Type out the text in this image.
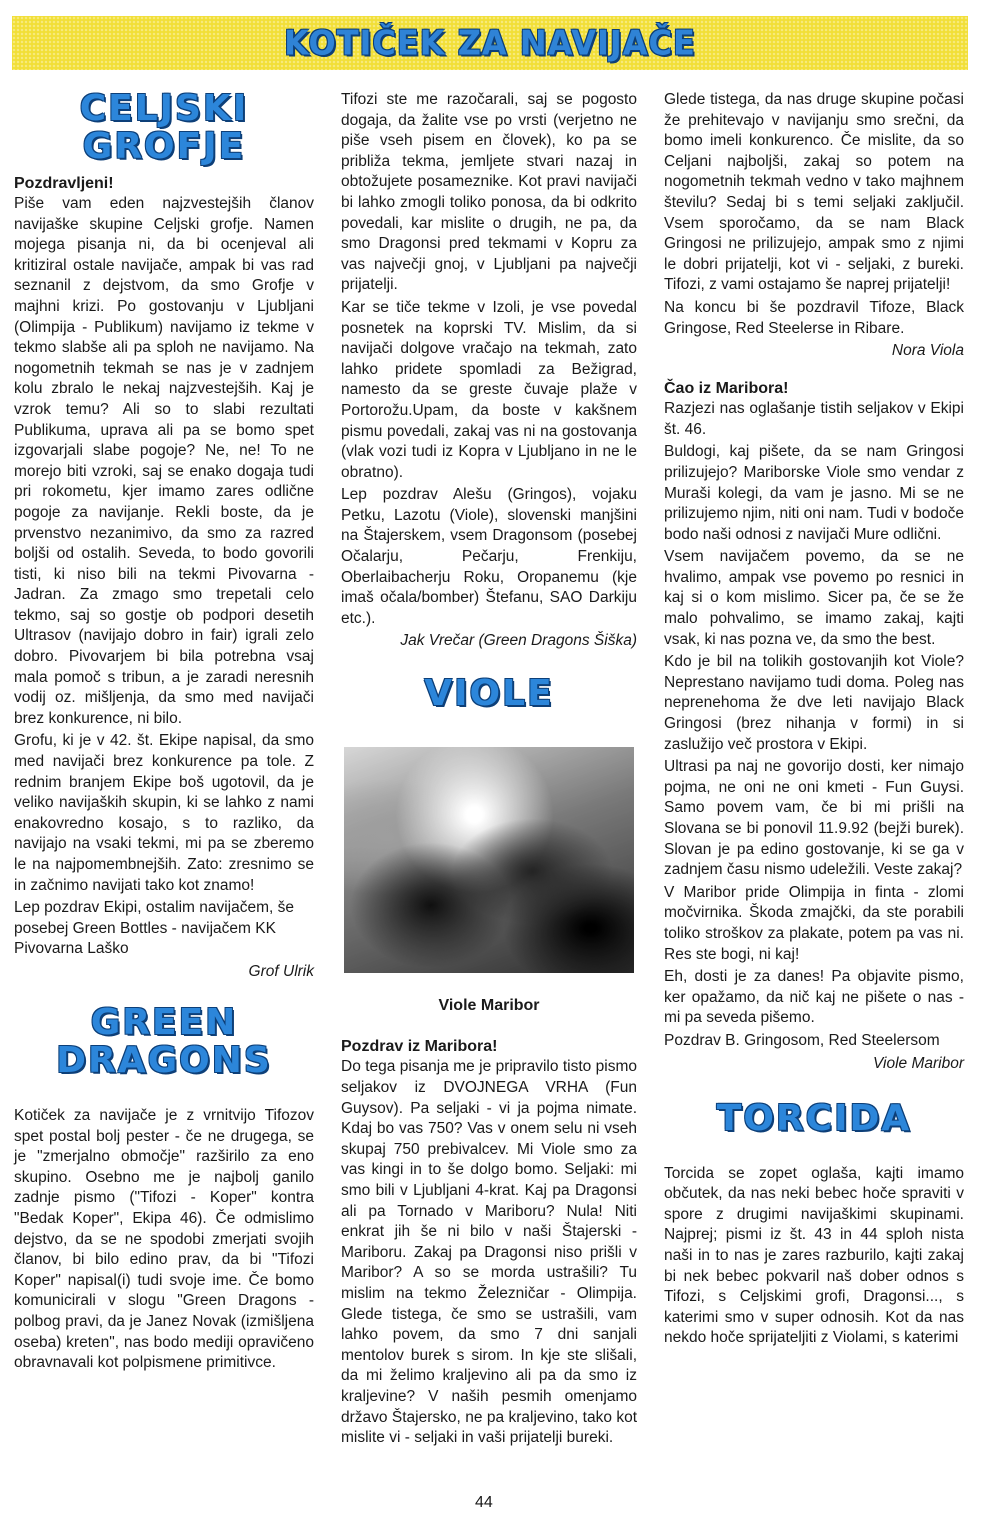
KOTIČEK ZA NAVIJAČE
CELJSKI
GROFJE

Pozdravljeni!

Piše vam eden najzvestejših članov navijaške skupine Celjski grofje. Namen mojega pisanja ni, da bi ocenjeval ali kritiziral ostale navijače, ampak bi vas rad seznanil z dejstvom, da smo Grofje v majhni krizi. Po gostovanju v Ljubljani (Olimpija - Publikum) navijamo iz tekme v tekmo slabše ali pa sploh ne navijamo. Na nogometnih tekmah se nas je v zadnjem kolu zbralo le nekaj najzvestejših. Kaj je vzrok temu? Ali so to slabi rezultati Publikuma, uprava ali pa se bomo spet izgovarjali slabe pogoje? Ne, ne! To ne morejo biti vzroki, saj se enako dogaja tudi pri rokometu, kjer imamo zares odlične pogoje za navijanje. Rekli boste, da je prvenstvo nezanimivo, da smo za razred boljši od ostalih. Seveda, to bodo govorili tisti, ki niso bili na tekmi Pivovarna - Jadran. Za zmago smo trepetali celo tekmo, saj so gostje ob podpori desetih Ultrasov (navijajo dobro in fair) igrali zelo dobro. Pivovarjem bi bila potrebna vsaj mala pomoč s tribun, a je zaradi neresnih vodij oz. mišljenja, da smo med navijači brez konkurence, ni bilo.

Grofu, ki je v 42. št. Ekipe napisal, da smo med navijači brez konkurence pa tole. Z rednim branjem Ekipe boš ugotovil, da je veliko navijaških skupin, ki se lahko z nami enakovredno kosajo, s to razliko, da navijajo na vsaki tekmi, mi pa se zberemo le na najpomembnejših. Zato: zresnimo se in začnimo navijati tako kot znamo!

Lep pozdrav Ekipi, ostalim navijačem, še posebej Green Bottles - navijačem KK Pivovarna Laško

Grof Ulrik

GREEN
DRAGONS

Kotiček za navijače je z vrnitvijo Tifozov spet postal bolj pester - če ne drugega, se je "zmerjalno območje" razširilo za eno skupino. Osebno me je najbolj ganilo zadnje pismo ("Tifozi - Koper" kontra "Bedak Koper", Ekipa 46). Če odmislimo dejstvo, da se ne spodobi zmerjati svojih članov, bi bilo edino prav, da bi "Tifozi Koper" napisal(i) tudi svoje ime. Če bomo komunicirali v slogu "Green Dragons - polbog pravi, da je Janez Novak (izmišljena oseba) kreten", nas bodo mediji opravičeno obravnavali kot polpismene primitivce.

Tifozi ste me razočarali, saj se pogosto dogaja, da žalite vse po vrsti (verjetno ne piše vseh pisem en človek), ko pa se približa tekma, jemljete stvari nazaj in obtožujete posameznike. Kot pravi navijači bi lahko zmogli toliko ponosa, da bi odkrito povedali, kar mislite o drugih, ne pa, da smo Dragonsi pred tekmami v Kopru za vas največji gnoj, v Ljubljani pa največji prijatelji.

Kar se tiče tekme v Izoli, je vse povedal posnetek na koprski TV. Mislim, da si navijači dolgove vračajo na tekmah, zato lahko pridete spomladi za Bežigrad, namesto da se greste čuvaje plaže v Portorožu.Upam, da boste v kakšnem pismu povedali, zakaj vas ni na gostovanja (vlak vozi tudi iz Kopra v Ljubljano in ne le obratno).

Lep pozdrav Alešu (Gringos), vojaku Petku, Lazotu (Viole), slovenski manjšini na Štajerskem, vsem Dragonsom (posebej Očalarju, Pečarju, Frenkiju, Oberlaibacherju Roku, Oropanemu (kje imaš očala/bomber) Štefanu, SAO Darkiju etc.).

Jak Vrečar (Green Dragons Šiška)

VIOLE

Viole Maribor

Pozdrav iz Maribora!

Do tega pisanja me je pripravilo tisto pismo seljakov iz DVOJNEGA VRHA (Fun Guysov). Pa seljaki - vi ja pojma nimate. Kdaj bo vas 750? Vas v onem selu ni vseh skupaj 750 prebivalcev. Mi Viole smo za vas kingi in to še dolgo bomo. Seljaki: mi smo bili v Ljubljani 4-krat. Kaj pa Dragonsi ali pa Tornado v Mariboru? Nula! Niti enkrat jih še ni bilo v naši Štajerski - Mariboru. Zakaj pa Dragonsi niso prišli v Maribor? A so se morda ustrašili? Tu mislim na tekmo Železničar - Olimpija. Glede tistega, če smo se ustrašili, vam lahko povem, da smo 7 dni sanjali mentolov burek s sirom. In kje ste slišali, da mi želimo kraljevino ali pa da smo iz kraljevine? V naših pesmih omenjamo državo Štajersko, ne pa kraljevino, tako kot mislite vi - seljaki in vaši prijatelji bureki.

Glede tistega, da nas druge skupine počasi že prehitevajo v navijanju smo srečni, da bomo imeli konkurenco. Če mislite, da so Celjani najboljši, zakaj so potem na nogometnih tekmah vedno v tako majhnem številu? Sedaj bi s temi seljaki zaključil. Vsem sporočamo, da se nam Black Gringosi ne prilizujejo, ampak smo z njimi le dobri prijatelji, kot vi - seljaki, z bureki. Tifozi, z vami ostajamo še naprej prijatelji!

Na koncu bi še pozdravil Tifoze, Black Gringose, Red Steelerse in Ribare.

Nora Viola

Čao iz Maribora!

Razjezi nas oglašanje tistih seljakov v Ekipi št. 46.

Buldogi, kaj pišete, da se nam Gringosi prilizujejo? Mariborske Viole smo vendar z Muraši kolegi, da vam je jasno. Mi se ne prilizujemo njim, niti oni nam. Tudi v bodoče bodo naši odnosi z navijači Mure odlični.

Vsem navijačem povemo, da se ne hvalimo, ampak vse povemo po resnici in kaj si o kom mislimo. Sicer pa, če se že malo pohvalimo, se imamo zakaj, kajti vsak, ki nas pozna ve, da smo the best.

Kdo je bil na tolikih gostovanjih kot Viole? Neprestano navijamo tudi doma. Poleg nas neprenehoma že dve leti navijajo Black Gringosi (brez nihanja v formi) in si zaslužijo več prostora v Ekipi.

Ultrasi pa naj ne govorijo dosti, ker nimajo pojma, ne oni ne oni kmeti - Fun Guysi. Samo povem vam, če bi mi prišli na Slovana se bi ponovil 11.9.92 (bejži burek). Slovan je pa edino gostovanje, ki se ga v zadnjem času nismo udeležili. Veste zakaj?

V Maribor pride Olimpija in finta - zlomi močvirnika. Škoda zmajčki, da ste porabili toliko stroškov za plakate, potem pa vas ni. Res ste bogi, ni kaj!

Eh, dosti je za danes! Pa objavite pismo, ker opažamo, da nič kaj ne pišete o nas - mi pa seveda pišemo.

Pozdrav B. Gringosom, Red Steelersom

Viole Maribor

TORCIDA

Torcida se zopet oglaša, kajti imamo občutek, da nas neki bebec hoče spraviti v spore z drugimi navijaškimi skupinami. Najprej; pismi iz št. 43 in 44 sploh nista naši in to nas je zares razburilo, kajti zakaj bi nek bebec pokvaril naš dober odnos s Tifozi, s Celjskimi grofi, Dragonsi..., s katerimi smo v super odnosih. Kot da nas nekdo hoče sprijateljiti z Violami, s katerimi

44
